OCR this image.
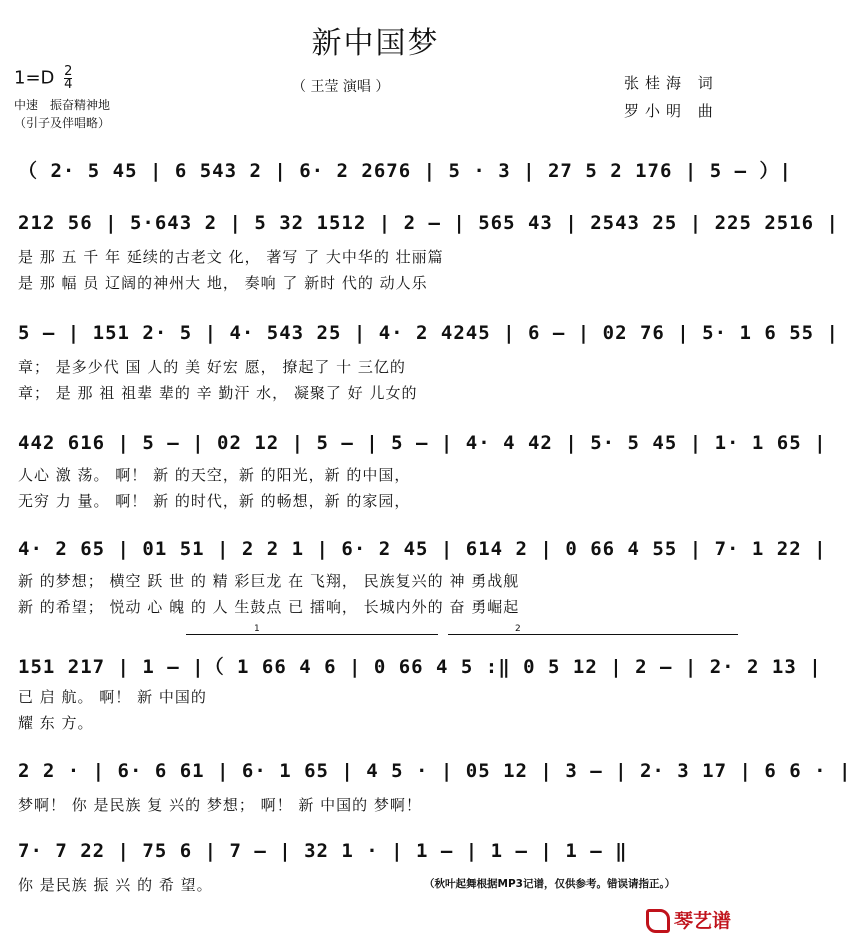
新中国梦
$1=D \frac{2}{4}$
中速　振奋精神地
（引子及伴唱略）
（ 王莹 演唱 ）	张桂海 词
罗小明 曲
（ 2· 5 45 | 6 543 2 | 6· 2 2676 | 5 · 3 | 27 5 2 176 | 5 – ）|
212 56 | 5·643 2 | 5 32 1512 | 2 – | 565 43 | 2543 25 | 225 2516 |
是 那 五 千 年 延续的古老文 化， 著写 了 大中华的 壮丽篇
是 那 幅 员 辽阔的神州大 地， 奏响 了 新时 代的 动人乐
5 – | 151 2· 5 | 4· 543 25 | 4· 2 4245 | 6 – | 02 76 | 5· 1 6 55 |
章； 是多少代 国 人的 美 好宏 愿， 撩起了 十 三亿的
章； 是 那 祖 祖辈 辈的 辛 勤汗 水， 凝聚了 好 儿女的
442 616 | 5 – | 02 12 | 5 – | 5 – | 4· 4 42 | 5· 5 45 | 1· 1 65 |
人心 激 荡。 啊！ 新 的天空，新 的阳光，新 的中国，
无穷 力 量。 啊！ 新 的时代，新 的畅想，新 的家园，
4· 2 65 | 01 51 | 2 2 1 | 6· 2 45 | 614 2 | 0 66 4 55 | 7· 1 22 |
新 的梦想； 横空 跃 世 的 精 彩巨龙 在 飞翔， 民族复兴的 神 勇战舰
新 的希望； 悦动 心 魄 的 人 生鼓点 已 擂响， 长城内外的 奋 勇崛起
1	2
151 217 | 1 – |（ 1 66 4 6 | 0 66 4 5 :‖ 0 5 12 | 2 – | 2· 2 13 |
已 启 航。 啊！ 新 中国的
耀 东 方。
2 2 · | 6· 6 61 | 6· 1 65 | 4 5 · | 05 12 | 3 – | 2· 3 17 | 6 6 · |
梦啊！ 你 是民族 复 兴的 梦想； 啊！ 新 中国的 梦啊！
7· 7 22 | 75 6 | 7 – | 32 1 · | 1 – | 1 – | 1 – ‖
你 是民族 振 兴 的 希 望。	（秋叶起舞根据MP3记谱，仅供参考。错误请指正。）
琴艺谱
